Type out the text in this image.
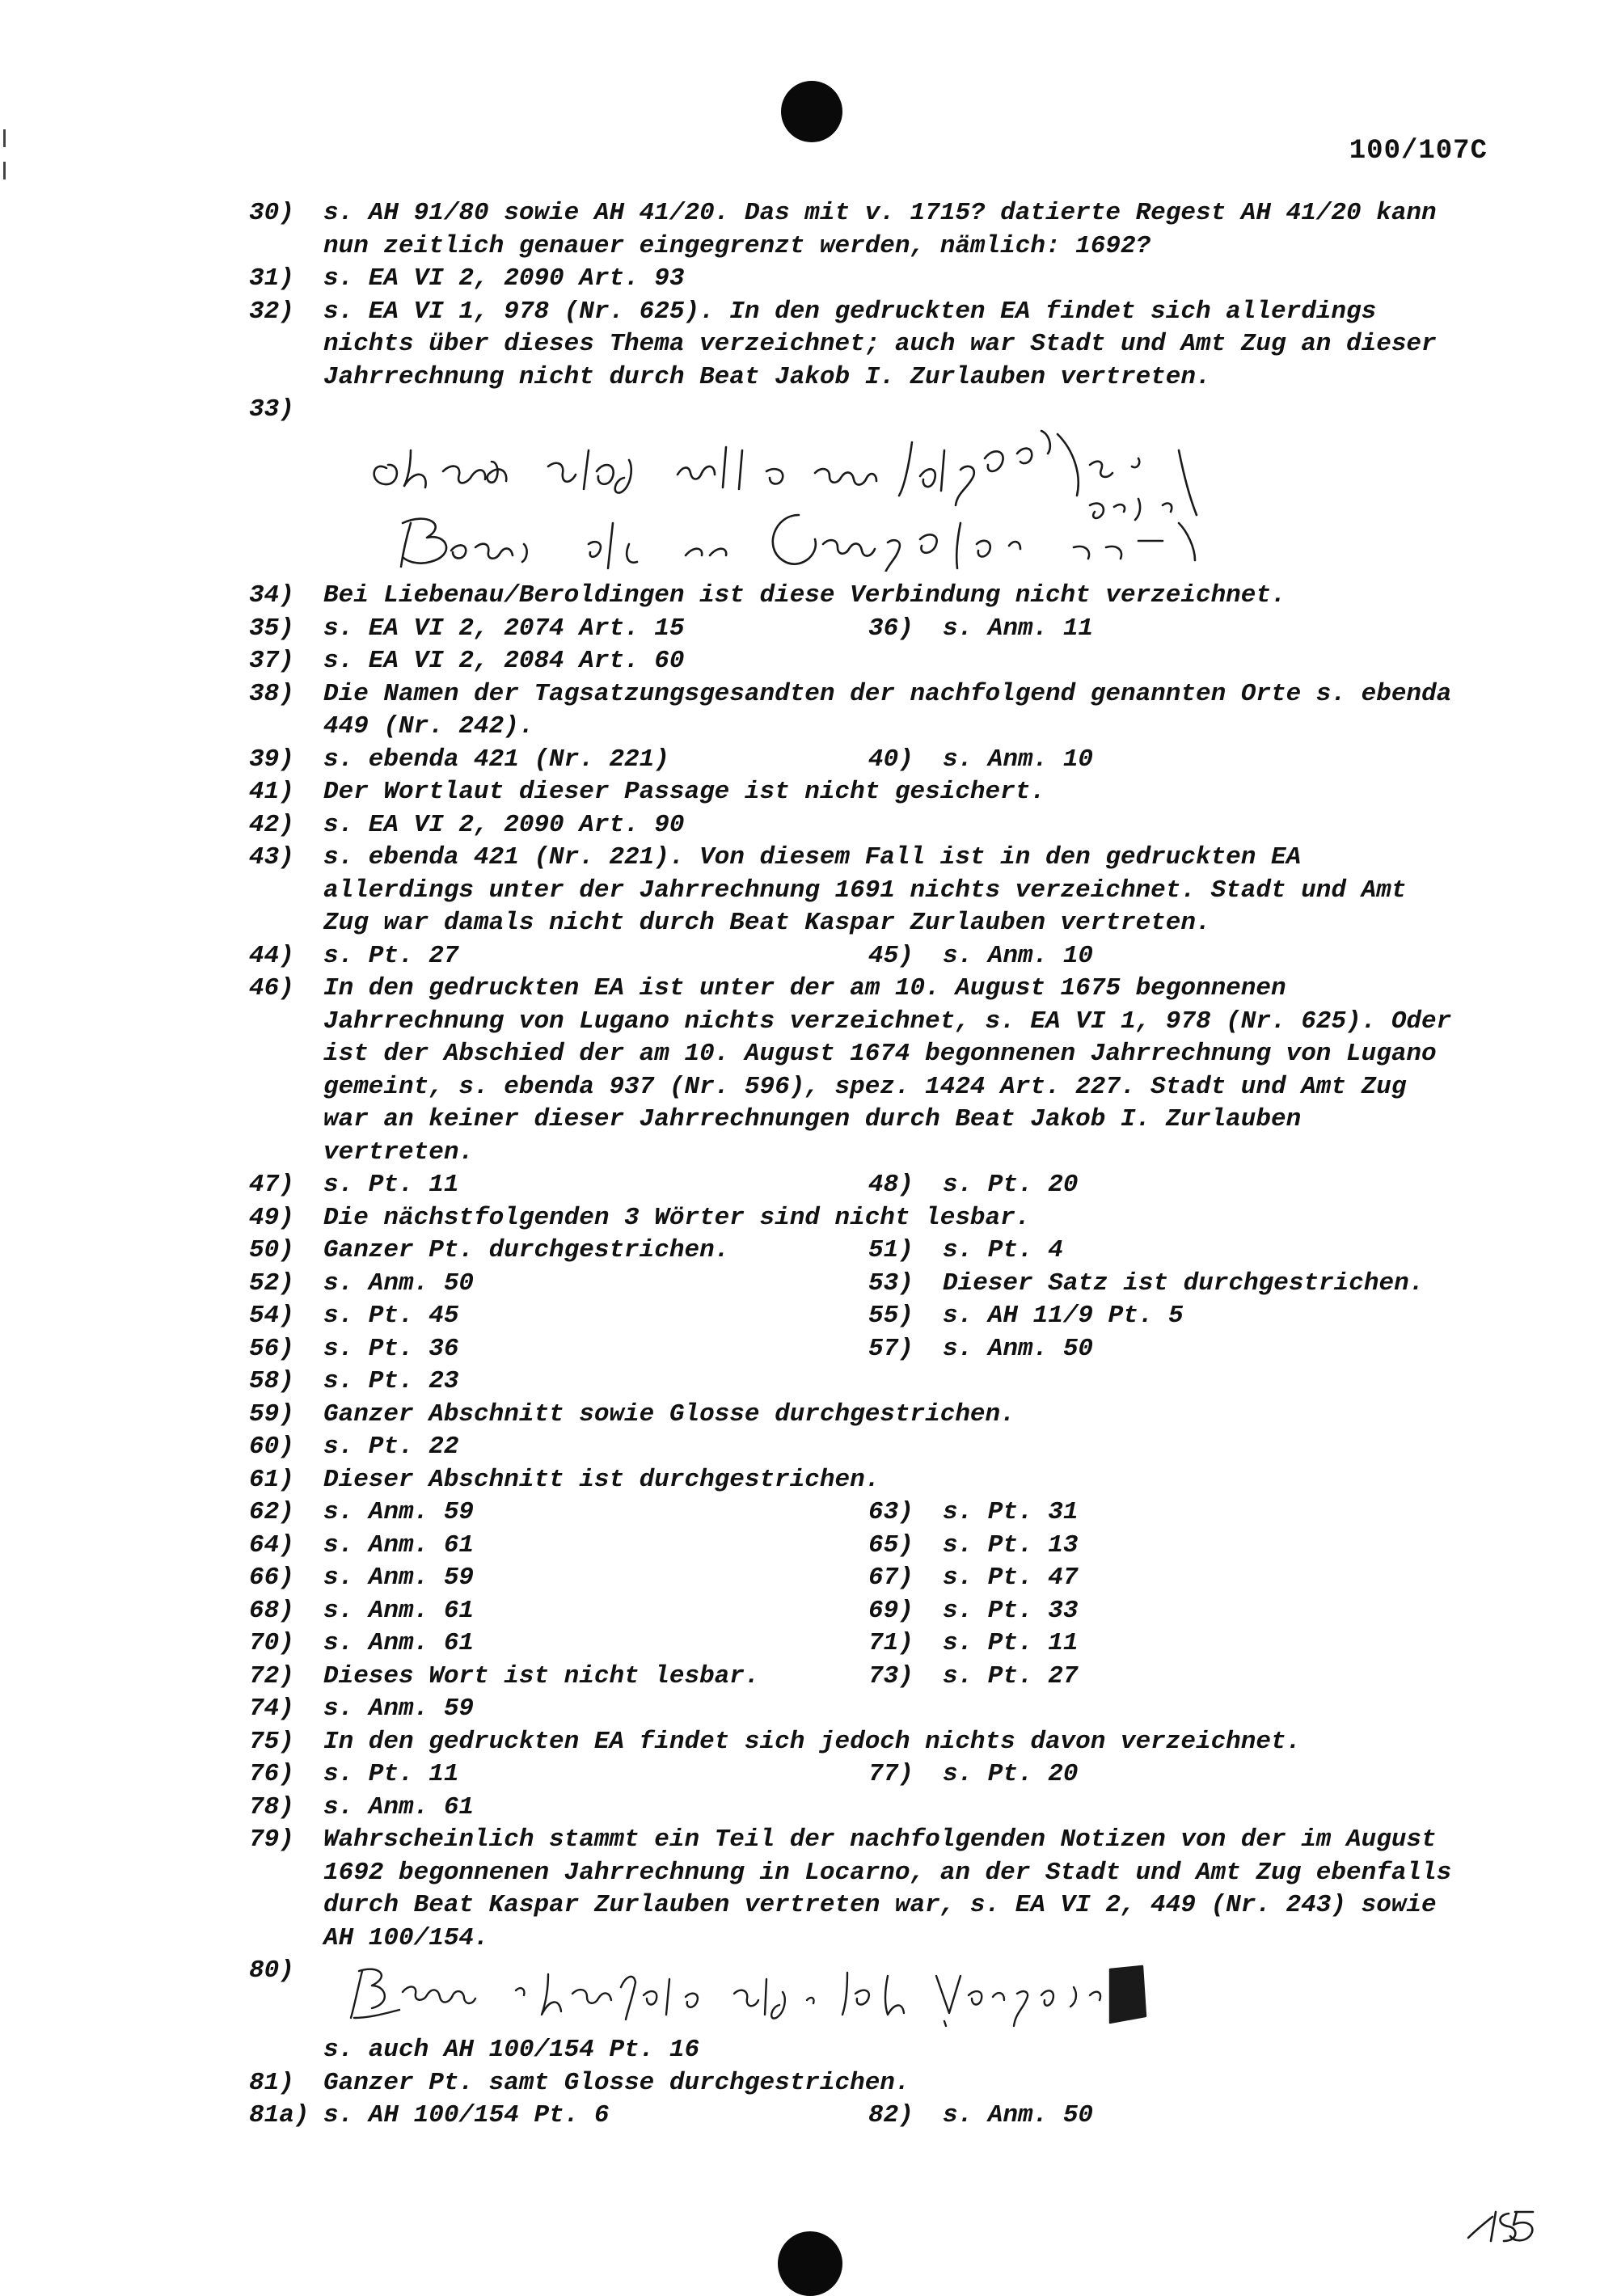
100/107C
30)	s. AH 91/80 sowie AH 41/20. Das mit v. 1715? datierte Regest AH 41/20 kann nun zeitlich genauer eingegrenzt werden, nämlich: 1692?
31)	s. EA VI 2, 2090 Art. 93
32)	s. EA VI 1, 978 (Nr. 625). In den gedruckten EA findet sich allerdings nichts über dieses Thema verzeichnet; auch war Stadt und Amt Zug an dieser Jahrrechnung nicht durch Beat Jakob I. Zurlauben vertreten.
33)
34)	Bei Liebenau/Beroldingen ist diese Verbindung nicht verzeichnet.
35)	s. EA VI 2, 2074 Art. 15	36)	s. Anm. 11
37)	s. EA VI 2, 2084 Art. 60
38)	Die Namen der Tagsatzungsgesandten der nachfolgend genannten Orte s. ebenda 449 (Nr. 242).
39)	s. ebenda 421 (Nr. 221)	40)	s. Anm. 10
41)	Der Wortlaut dieser Passage ist nicht gesichert.
42)	s. EA VI 2, 2090 Art. 90
43)	s. ebenda 421 (Nr. 221). Von diesem Fall ist in den gedruckten EA allerdings unter der Jahrrechnung 1691 nichts verzeichnet. Stadt und Amt Zug war damals nicht durch Beat Kaspar Zurlauben vertreten.
44)	s. Pt. 27	45)	s. Anm. 10
46)	In den gedruckten EA ist unter der am 10. August 1675 begonnenen Jahrrechnung von Lugano nichts verzeichnet, s. EA VI 1, 978 (Nr. 625). Oder ist der Abschied der am 10. August 1674 begonnenen Jahrrechnung von Lugano gemeint, s. ebenda 937 (Nr. 596), spez. 1424 Art. 227. Stadt und Amt Zug war an keiner dieser Jahrrechnungen durch Beat Jakob I. Zurlauben vertreten.
47)	s. Pt. 11	48)	s. Pt. 20
49)	Die nächstfolgenden 3 Wörter sind nicht lesbar.
50)	Ganzer Pt. durchgestrichen.	51)	s. Pt. 4
52)	s. Anm. 50	53)	Dieser Satz ist durchgestrichen.
54)	s. Pt. 45	55)	s. AH 11/9 Pt. 5
56)	s. Pt. 36	57)	s. Anm. 50
58)	s. Pt. 23
59)	Ganzer Abschnitt sowie Glosse durchgestrichen.
60)	s. Pt. 22
61)	Dieser Abschnitt ist durchgestrichen.
62)	s. Anm. 59	63)	s. Pt. 31
64)	s. Anm. 61	65)	s. Pt. 13
66)	s. Anm. 59	67)	s. Pt. 47
68)	s. Anm. 61	69)	s. Pt. 33
70)	s. Anm. 61	71)	s. Pt. 11
72)	Dieses Wort ist nicht lesbar.	73)	s. Pt. 27
74)	s. Anm. 59
75)	In den gedruckten EA findet sich jedoch nichts davon verzeichnet.
76)	s. Pt. 11	77)	s. Pt. 20
78)	s. Anm. 61
79)	Wahrscheinlich stammt ein Teil der nachfolgenden Notizen von der im August 1692 begonnenen Jahrrechnung in Locarno, an der Stadt und Amt Zug ebenfalls durch Beat Kaspar Zurlauben vertreten war, s. EA VI 2, 449 (Nr. 243) sowie AH 100/154.
80)
s. auch AH 100/154 Pt. 16
81)	Ganzer Pt. samt Glosse durchgestrichen.
81a) s. AH 100/154 Pt. 6	82)	s. Anm. 50
